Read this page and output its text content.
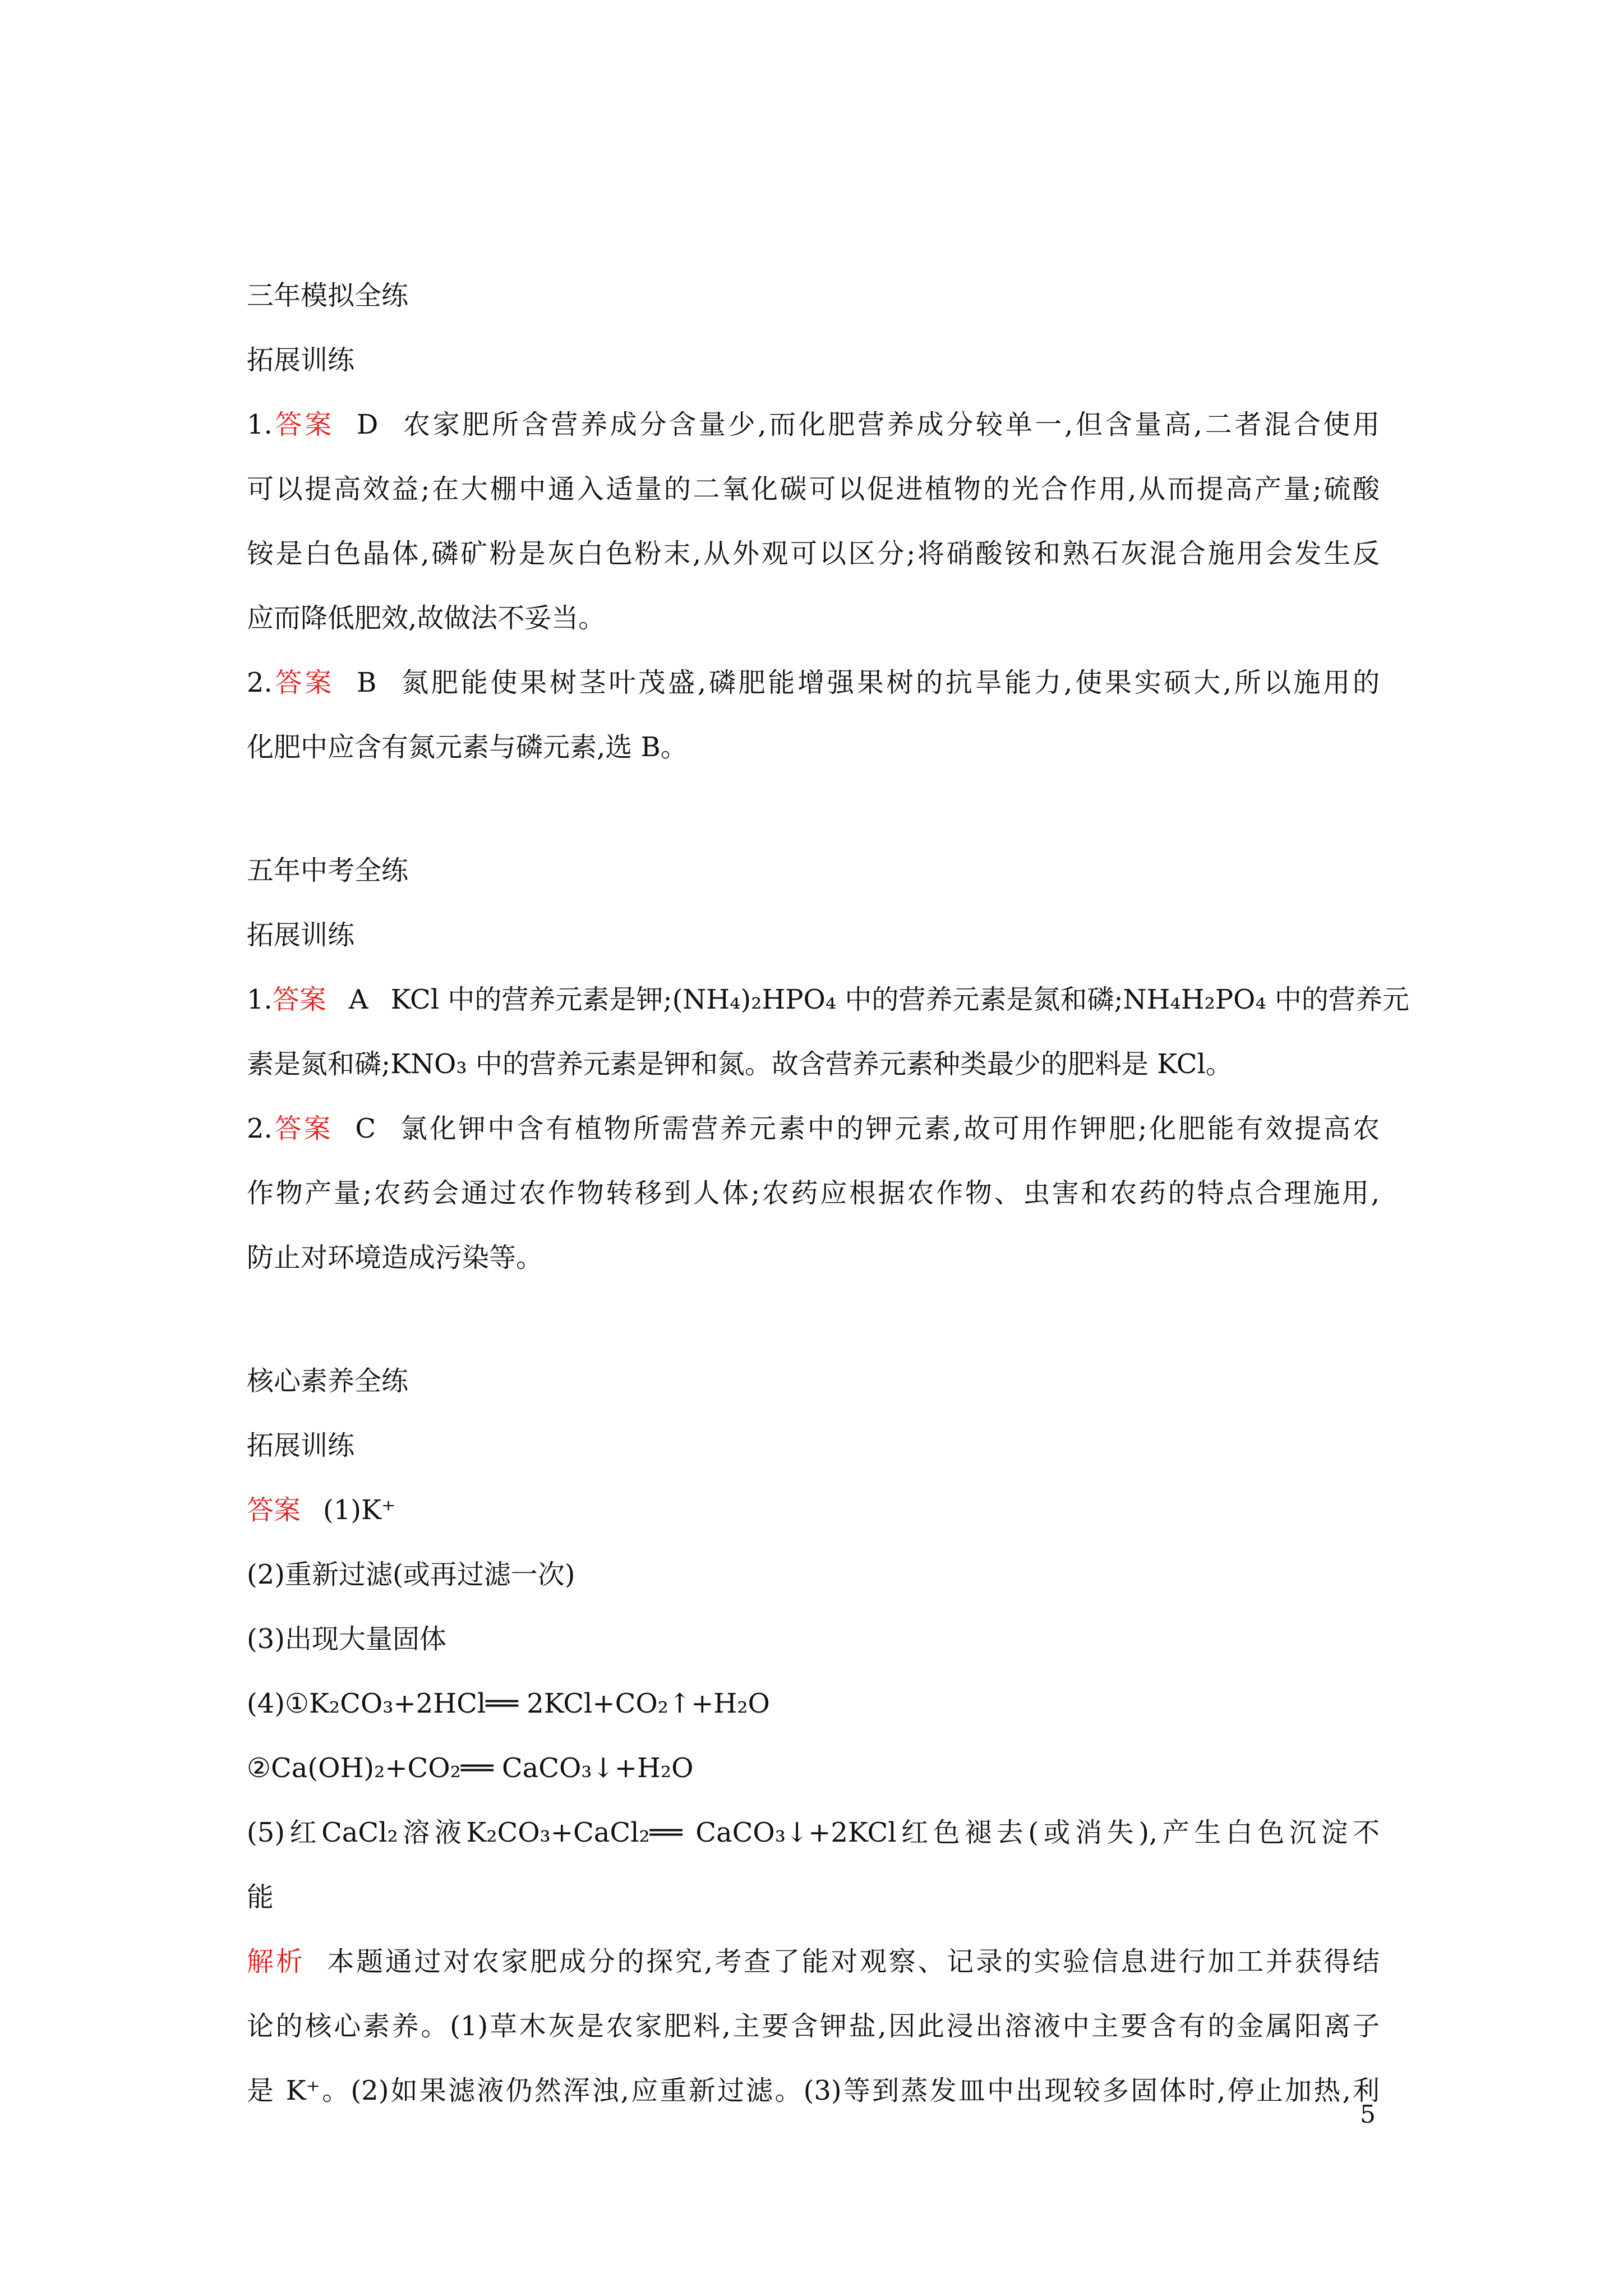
三年模拟全练
拓展训练
1.答案 D 农家肥所含营养成分含量少,而化肥营养成分较单一,但含量高,二者混合使用
可以提高效益;在大棚中通入适量的二氧化碳可以促进植物的光合作用,从而提高产量;硫酸
铵是白色晶体,磷矿粉是灰白色粉末,从外观可以区分;将硝酸铵和熟石灰混合施用会发生反
应而降低肥效,故做法不妥当。
2.答案 B 氮肥能使果树茎叶茂盛,磷肥能增强果树的抗旱能力,使果实硕大,所以施用的
化肥中应含有氮元素与磷元素,选 B。
五年中考全练
拓展训练
1.答案 A KCl 中的营养元素是钾;(NH₄)₂HPO₄ 中的营养元素是氮和磷;NH₄H₂PO₄ 中的营养元
素是氮和磷;KNO₃ 中的营养元素是钾和氮。故含营养元素种类最少的肥料是 KCl。
2.答案 C 氯化钾中含有植物所需营养元素中的钾元素,故可用作钾肥;化肥能有效提高农
作物产量;农药会通过农作物转移到人体;农药应根据农作物、虫害和农药的特点合理施用,
防止对环境造成污染等。
核心素养全练
拓展训练
答案 (1)K⁺
(2)重新过滤(或再过滤一次)
(3)出现大量固体
(4)①K₂CO₃+2HCl══ 2KCl+CO₂↑+H₂O
②Ca(OH)₂+CO₂══ CaCO₃↓+H₂O
(5)红CaCl₂溶液K₂CO₃+CaCl₂══ CaCO₃↓+2KCl红色褪去(或消失),产生白色沉淀不
能
解析 本题通过对农家肥成分的探究,考查了能对观察、记录的实验信息进行加工并获得结
论的核心素养。(1)草木灰是农家肥料,主要含钾盐,因此浸出溶液中主要含有的金属阳离子
是 K⁺。(2)如果滤液仍然浑浊,应重新过滤。(3)等到蒸发皿中出现较多固体时,停止加热,利
5
